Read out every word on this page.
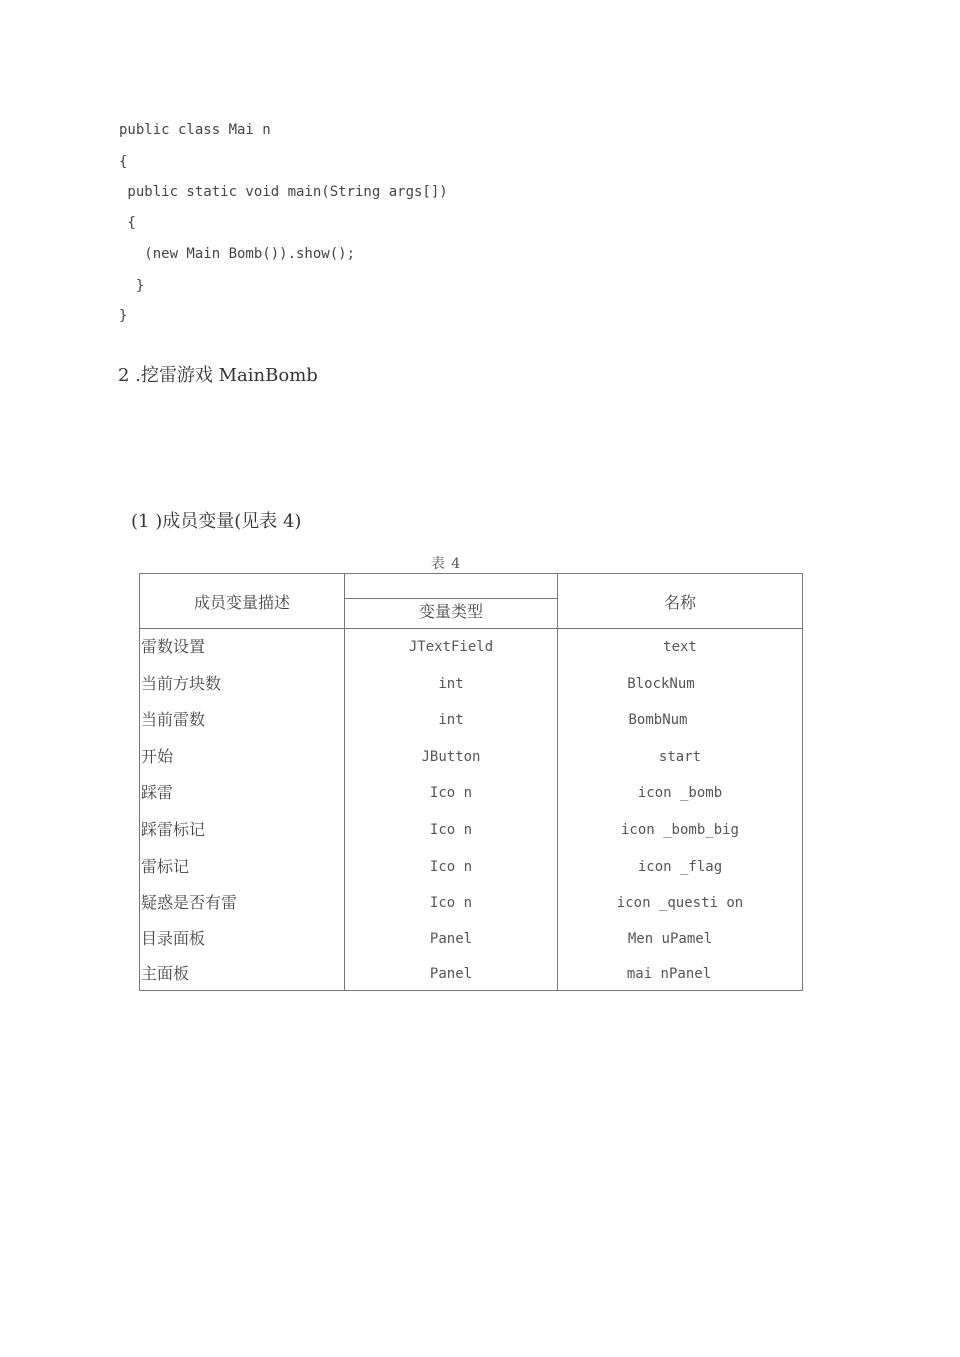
public class Mai n
{
public static void main(String args[])
{
(new Main Bomb()).show();
}
}
2 .挖雷游戏 MainBomb
(1 )成员变量(见表 4)
表 4
成员变量描述	变量类型	名称
雷数设置	JTextField	text
当前方块数	int	BlockNum
当前雷数	int	BombNum
开始	JButton	start
踩雷	Ico n	icon _bomb
踩雷标记	Ico n	icon _bomb_big
雷标记	Ico n	icon _flag
疑惑是否有雷	Ico n	icon _questi on
目录面板	Panel	Men uPamel
主面板	Panel	mai nPanel
